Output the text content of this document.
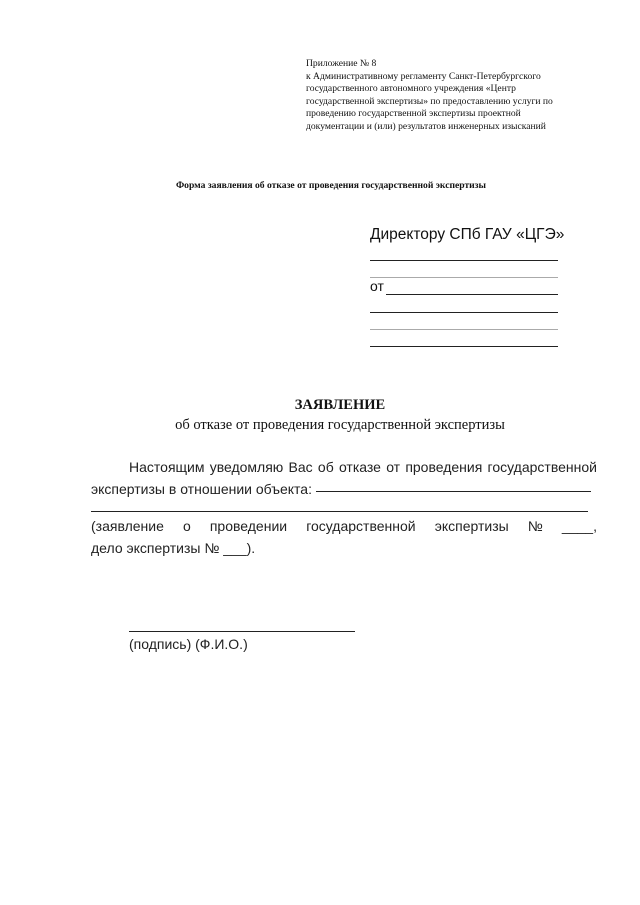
Приложение № 8
к Административному регламенту Санкт-Петербургского
государственного автономного учреждения «Центр
государственной экспертизы» по предоставлению услуги по
проведению государственной экспертизы проектной
документации и (или) результатов инженерных изысканий
Форма заявления об отказе от проведения государственной экспертизы
Директору СПб ГАУ «ЦГЭ»
от
ЗАЯВЛЕНИЕ
об отказе от проведения государственной экспертизы
Настоящим уведомляю Вас об отказе от проведения государственной
экспертизы в отношении объекта:
(заявление о проведении государственной экспертизы № ____,
дело экспертизы № ___).
(подпись) (Ф.И.О.)
